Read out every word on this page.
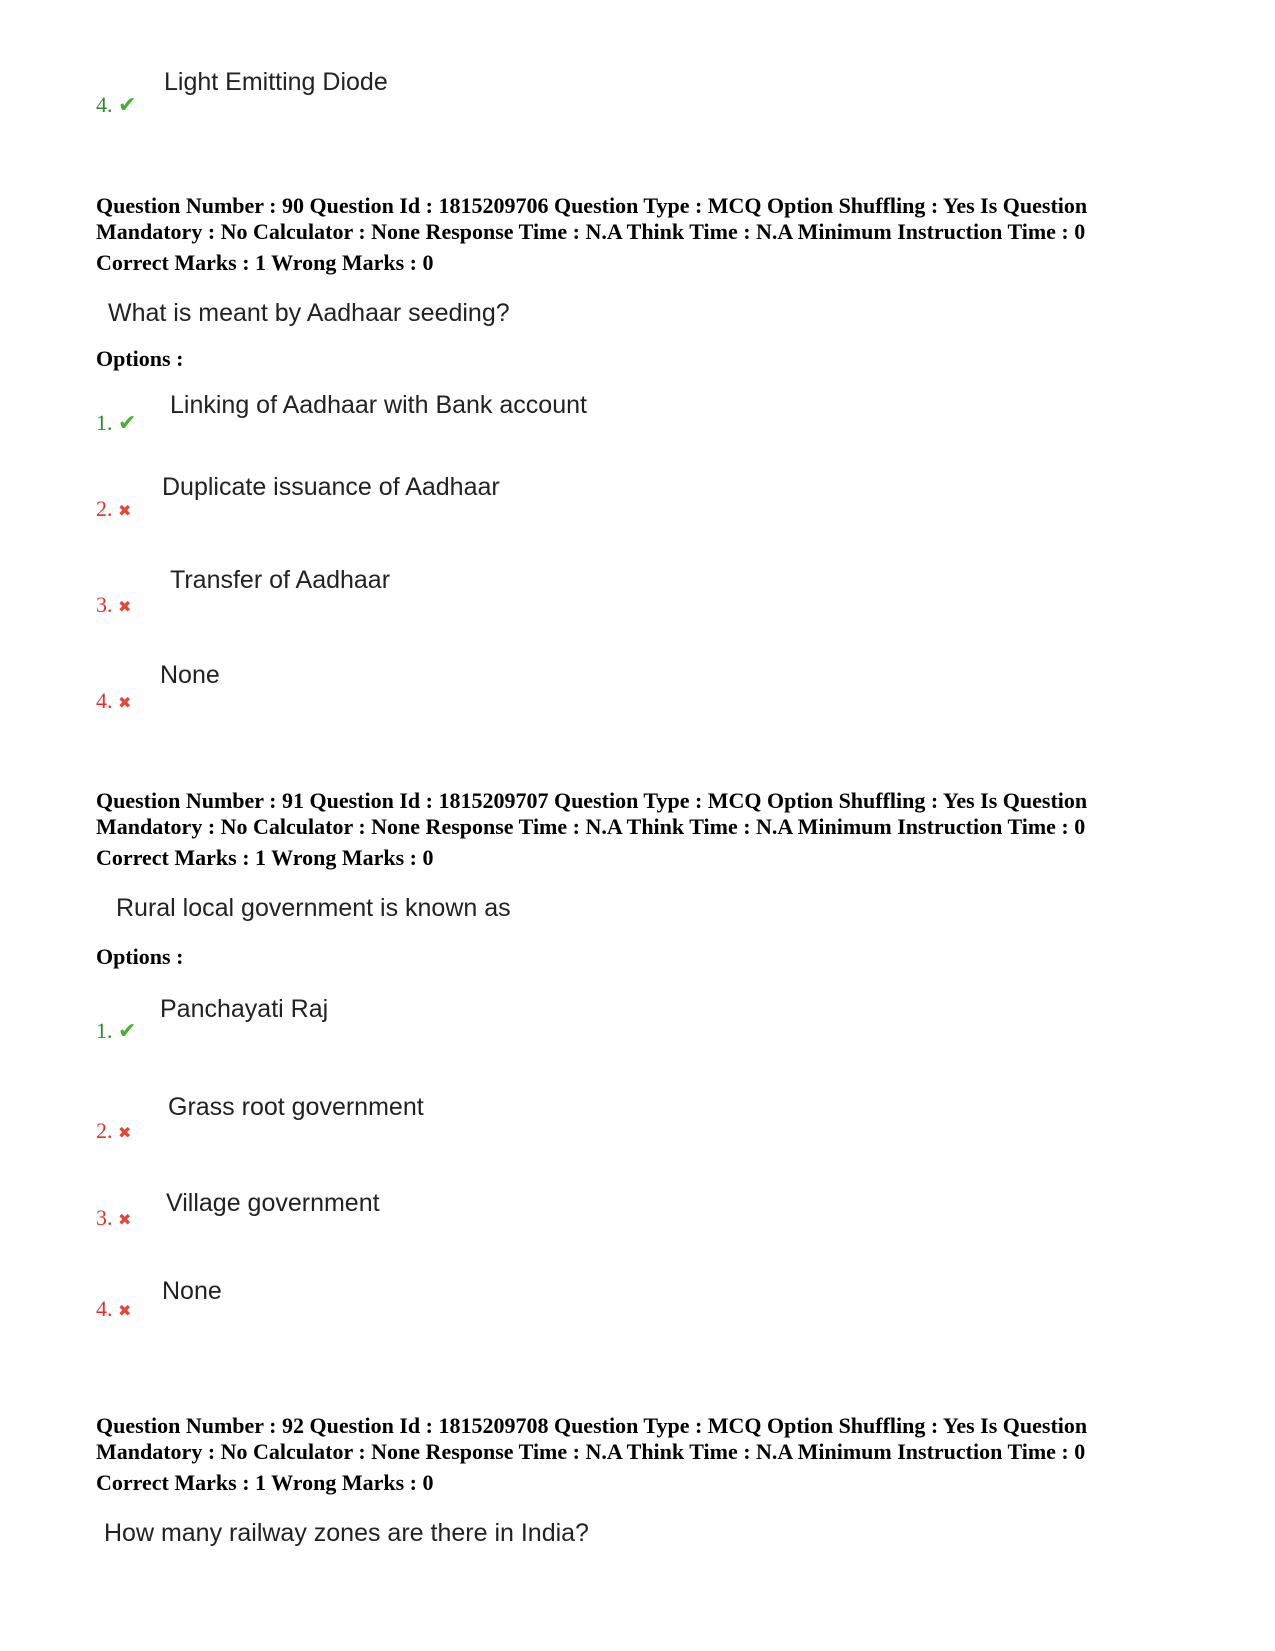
4. ✔
Light Emitting Diode
Question Number : 90 Question Id : 1815209706 Question Type : MCQ Option Shuffling : Yes Is Question
Mandatory : No Calculator : None Response Time : N.A Think Time : N.A Minimum Instruction Time : 0
Correct Marks : 1 Wrong Marks : 0
What is meant by Aadhaar seeding?
Options :
1. ✔
Linking of Aadhaar with Bank account
2. ✖
Duplicate issuance of Aadhaar
3. ✖
Transfer of Aadhaar
4. ✖
None
Question Number : 91 Question Id : 1815209707 Question Type : MCQ Option Shuffling : Yes Is Question
Mandatory : No Calculator : None Response Time : N.A Think Time : N.A Minimum Instruction Time : 0
Correct Marks : 1 Wrong Marks : 0
Rural local government is known as
Options :
1. ✔
Panchayati Raj
2. ✖
Grass root government
3. ✖
Village government
4. ✖
None
Question Number : 92 Question Id : 1815209708 Question Type : MCQ Option Shuffling : Yes Is Question
Mandatory : No Calculator : None Response Time : N.A Think Time : N.A Minimum Instruction Time : 0
Correct Marks : 1 Wrong Marks : 0
How many railway zones are there in India?
